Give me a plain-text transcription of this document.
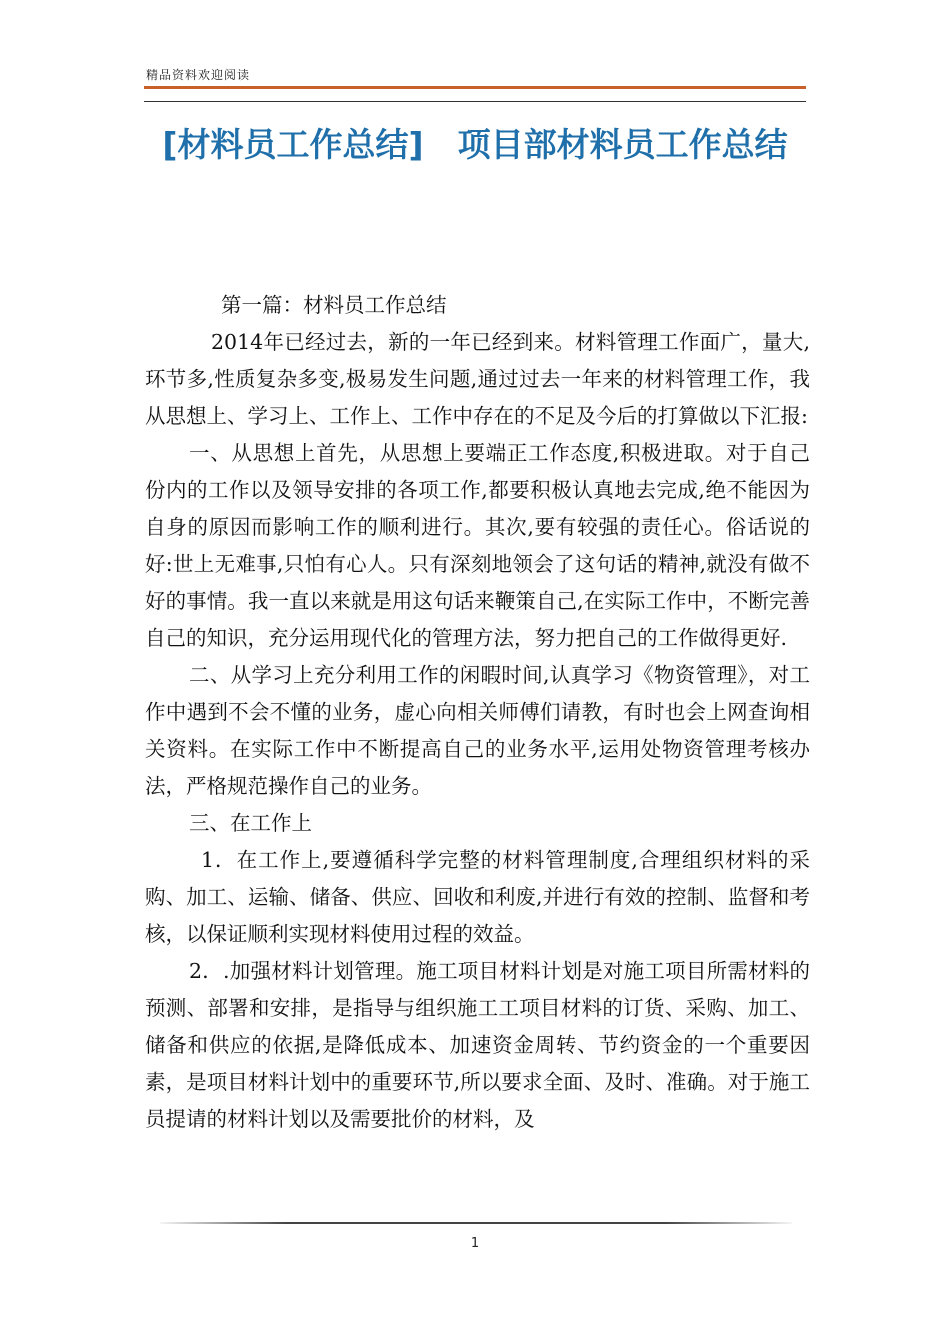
精品资料欢迎阅读
[材料员工作总结] 项目部材料员工作总结

第一篇：材料员工作总结

2014年已经过去，新的一年已经到来。材料管理工作面广，量大,环节多,性质复杂多变,极易发生问题,通过过去一年来的材料管理工作，我从思想上、学习上、工作上、工作中存在的不足及今后的打算做以下汇报:

一、从思想上首先，从思想上要端正工作态度,积极进取。对于自己份内的工作以及领导安排的各项工作,都要积极认真地去完成,绝不能因为自身的原因而影响工作的顺利进行。其次,要有较强的责任心。俗话说的好:世上无难事,只怕有心人。只有深刻地领会了这句话的精神,就没有做不好的事情。我一直以来就是用这句话来鞭策自己,在实际工作中，不断完善自己的知识，充分运用现代化的管理方法，努力把自己的工作做得更好.

二、从学习上充分利用工作的闲暇时间,认真学习《物资管理》，对工作中遇到不会不懂的业务，虚心向相关师傅们请教，有时也会上网查询相关资料。在实际工作中不断提高自己的业务水平,运用处物资管理考核办法，严格规范操作自己的业务。

三、在工作上

1．在工作上,要遵循科学完整的材料管理制度,合理组织材料的采购、加工、运输、储备、供应、回收和利废,并进行有效的控制、监督和考核，以保证顺利实现材料使用过程的效益。

2．.加强材料计划管理。施工项目材料计划是对施工项目所需材料的预测、部署和安排，是指导与组织施工工项目材料的订货、采购、加工、储备和供应的依据,是降低成本、加速资金周转、节约资金的一个重要因素，是项目材料计划中的重要环节,所以要求全面、及时、准确。对于施工员提请的材料计划以及需要批价的材料，及

1
